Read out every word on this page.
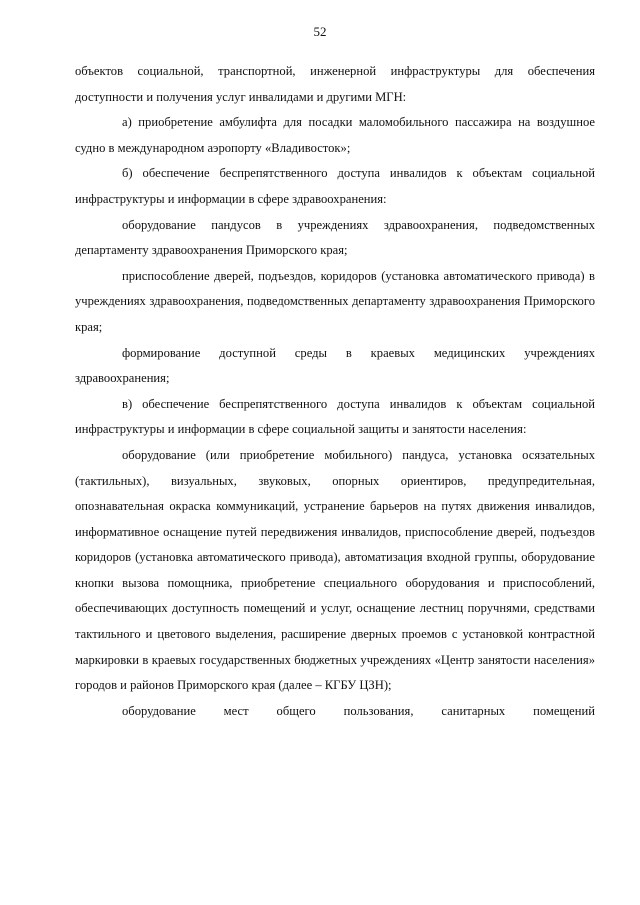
52

объектов социальной, транспортной, инженерной инфраструктуры для обеспечения доступности и получения услуг инвалидами и другими МГН:

а) приобретение амбулифта для посадки маломобильного пассажира на воздушное судно в международном аэропорту «Владивосток»;

б) обеспечение беспрепятственного доступа инвалидов к объектам социальной инфраструктуры и информации в сфере здравоохранения:

оборудование пандусов в учреждениях здравоохранения, подведомственных департаменту здравоохранения Приморского края;

приспособление дверей, подъездов, коридоров (установка автоматического привода) в учреждениях здравоохранения, подведомственных департаменту здравоохранения Приморского края;

формирование доступной среды в краевых медицинских учреждениях здравоохранения;

в) обеспечение беспрепятственного доступа инвалидов к объектам социальной инфраструктуры и информации в сфере социальной защиты и занятости населения:

оборудование (или приобретение мобильного) пандуса, установка осязательных (тактильных), визуальных, звуковых, опорных ориентиров, предупредительная, опознавательная окраска коммуникаций, устранение барьеров на путях движения инвалидов, информативное оснащение путей передвижения инвалидов, приспособление дверей, подъездов коридоров (установка автоматического привода), автоматизация входной группы, оборудование кнопки вызова помощника, приобретение специального оборудования и приспособлений, обеспечивающих доступность помещений и услуг, оснащение лестниц поручнями, средствами тактильного и цветового выделения, расширение дверных проемов с установкой контрастной маркировки в краевых государственных бюджетных учреждениях «Центр занятости населения» городов и районов Приморского края (далее – КГБУ ЦЗН);

оборудование мест общего пользования, санитарных помещений
